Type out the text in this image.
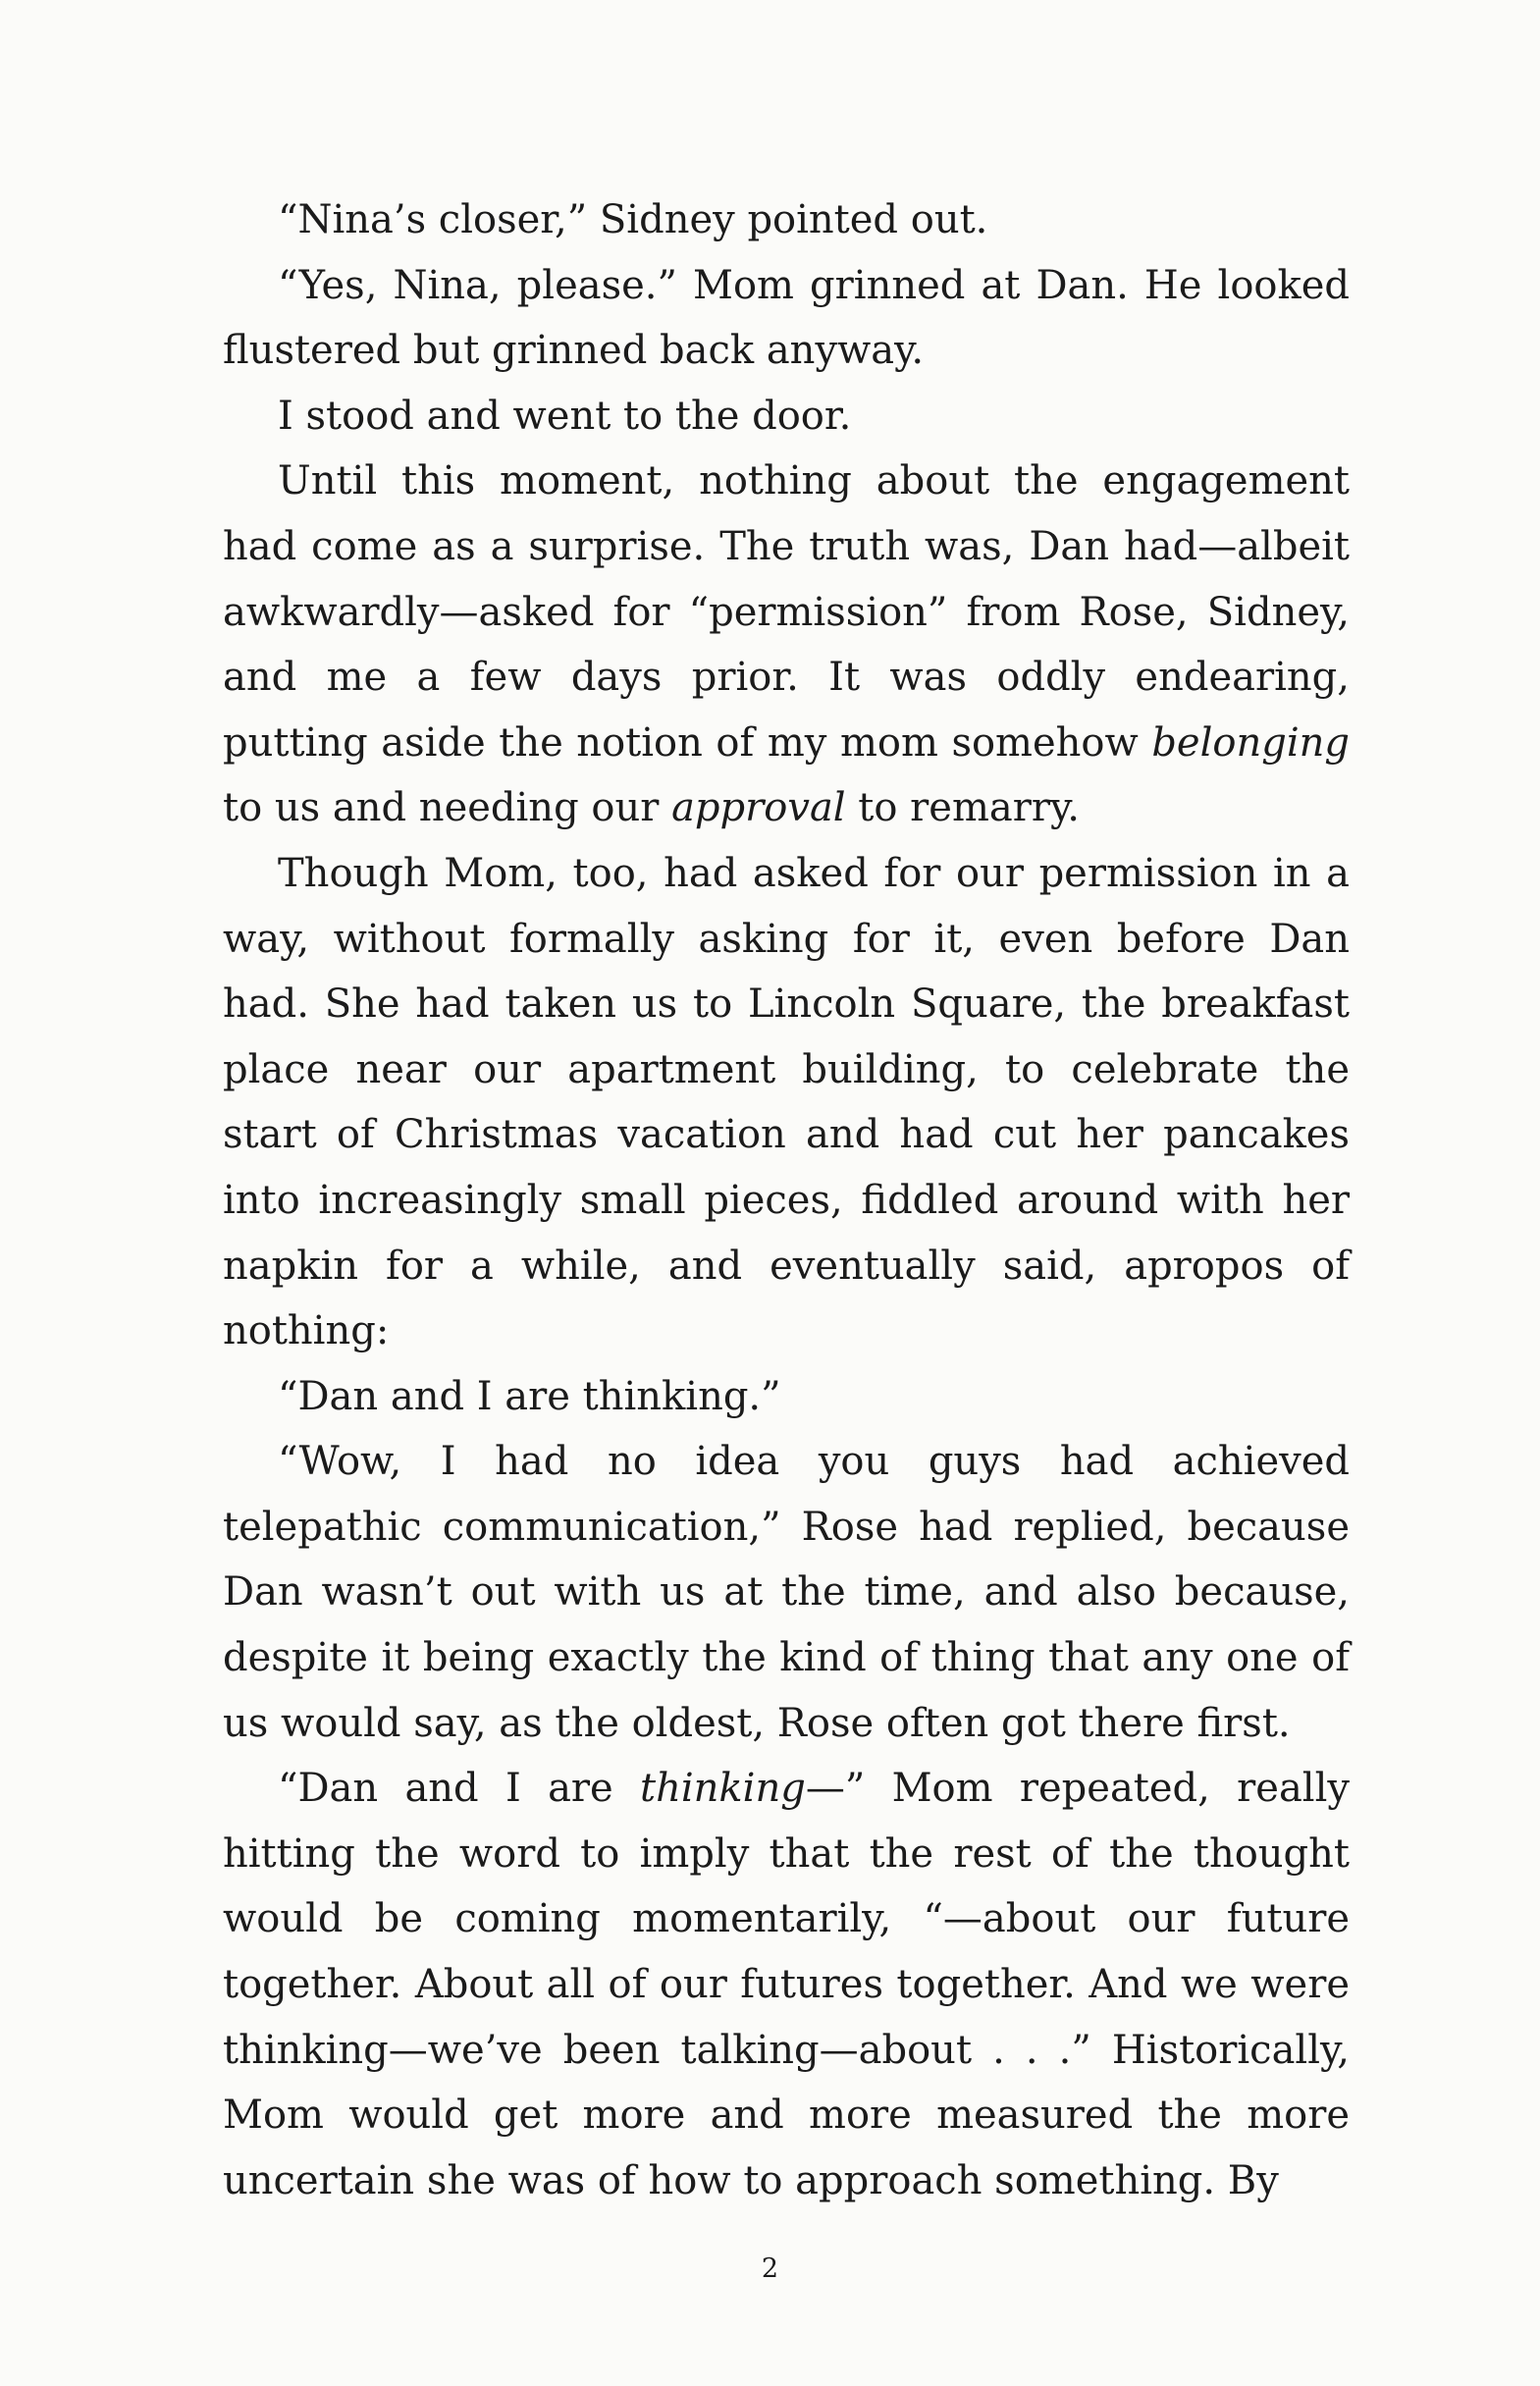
“Nina’s closer,” Sidney pointed out.

“Yes, Nina, please.” Mom grinned at Dan. He looked flustered but grinned back anyway.

I stood and went to the door.

Until this moment, nothing about the engagement had come as a surprise. The truth was, Dan had—albeit awkwardly—asked for “permission” from Rose, Sidney, and me a few days prior. It was oddly endearing, putting aside the notion of my mom somehow belonging to us and needing our approval to remarry.

Though Mom, too, had asked for our permission in a way, without formally asking for it, even before Dan had. She had taken us to Lincoln Square, the breakfast place near our apartment building, to celebrate the start of Christmas vacation and had cut her pancakes into increasingly small pieces, fiddled around with her napkin for a while, and eventually said, apropos of nothing:

“Dan and I are thinking.”

“Wow, I had no idea you guys had achieved telepathic communication,” Rose had replied, because Dan wasn’t out with us at the time, and also because, despite it being exactly the kind of thing that any one of us would say, as the oldest, Rose often got there first.

“Dan and I are thinking—” Mom repeated, really hitting the word to imply that the rest of the thought would be coming momentarily, “—about our future together. About all of our futures together. And we were thinking—we’ve been talking—about . . .” Historically, Mom would get more and more measured the more uncertain she was of how to approach something. By

2
